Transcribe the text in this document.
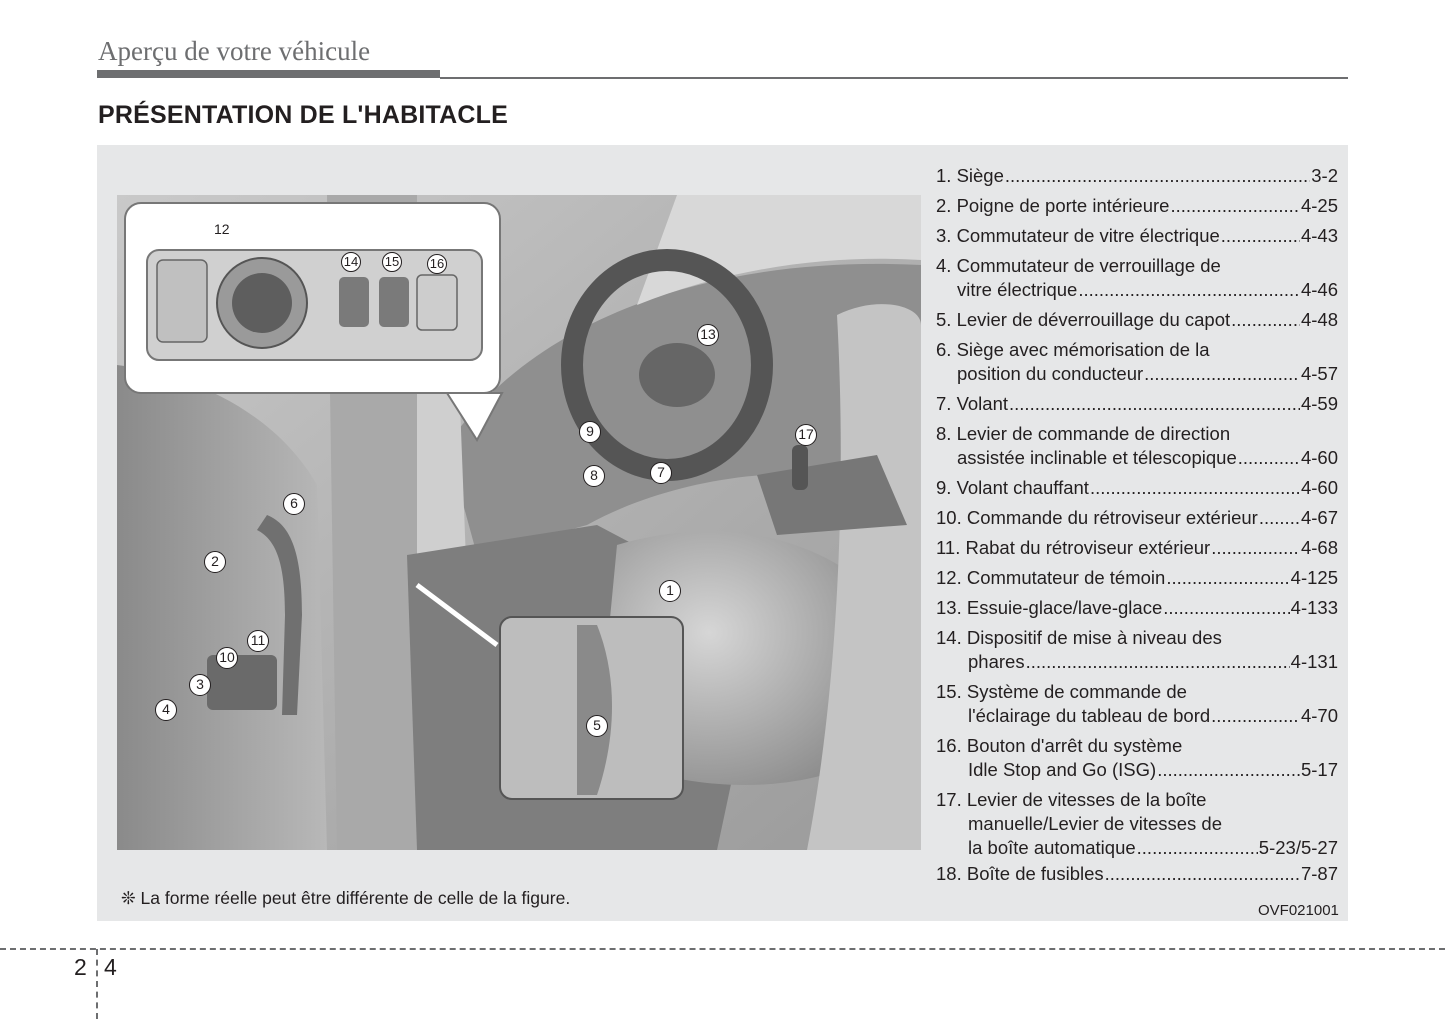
Aperçu de votre véhicule
PRÉSENTATION DE L'HABITACLE
12
14 15 16
13
9	17
7
8
6
2
1
11
10
3
4
5
❊ La forme réelle peut être différente de celle de la figure.
OVF021001
1. Siège .....	3-2
2. Poigne de porte intérieure .....	4-25
3. Commutateur de vitre électrique .....	4-43
4. Commutateur de verrouillage de
vitre électrique .....	4-46
5. Levier de déverrouillage du capot .....	4-48
6. Siège avec mémorisation de la
position du conducteur .....	4-57
7. Volant .....	4-59
8. Levier de commande de direction
assistée inclinable et télescopique .....	4-60
9. Volant chauffant .....	4-60
10. Commande du rétroviseur extérieur ..... 4-67
11. Rabat du rétroviseur extérieur .....	4-68
12. Commutateur de témoin .....	4-125
13. Essuie-glace/lave-glace .....	4-133
14. Dispositif de mise à niveau des
phares .....	4-131
15. Système de commande de
l'éclairage du tableau de bord .....	4-70
16. Bouton d'arrêt du système
Idle Stop and Go (ISG) .....	5-17
17. Levier de vitesses de la boîte
manuelle/Levier de vitesses de
la boîte automatique .....	5-23/5-27
18. Boîte de fusibles .....	7-87
2 4
